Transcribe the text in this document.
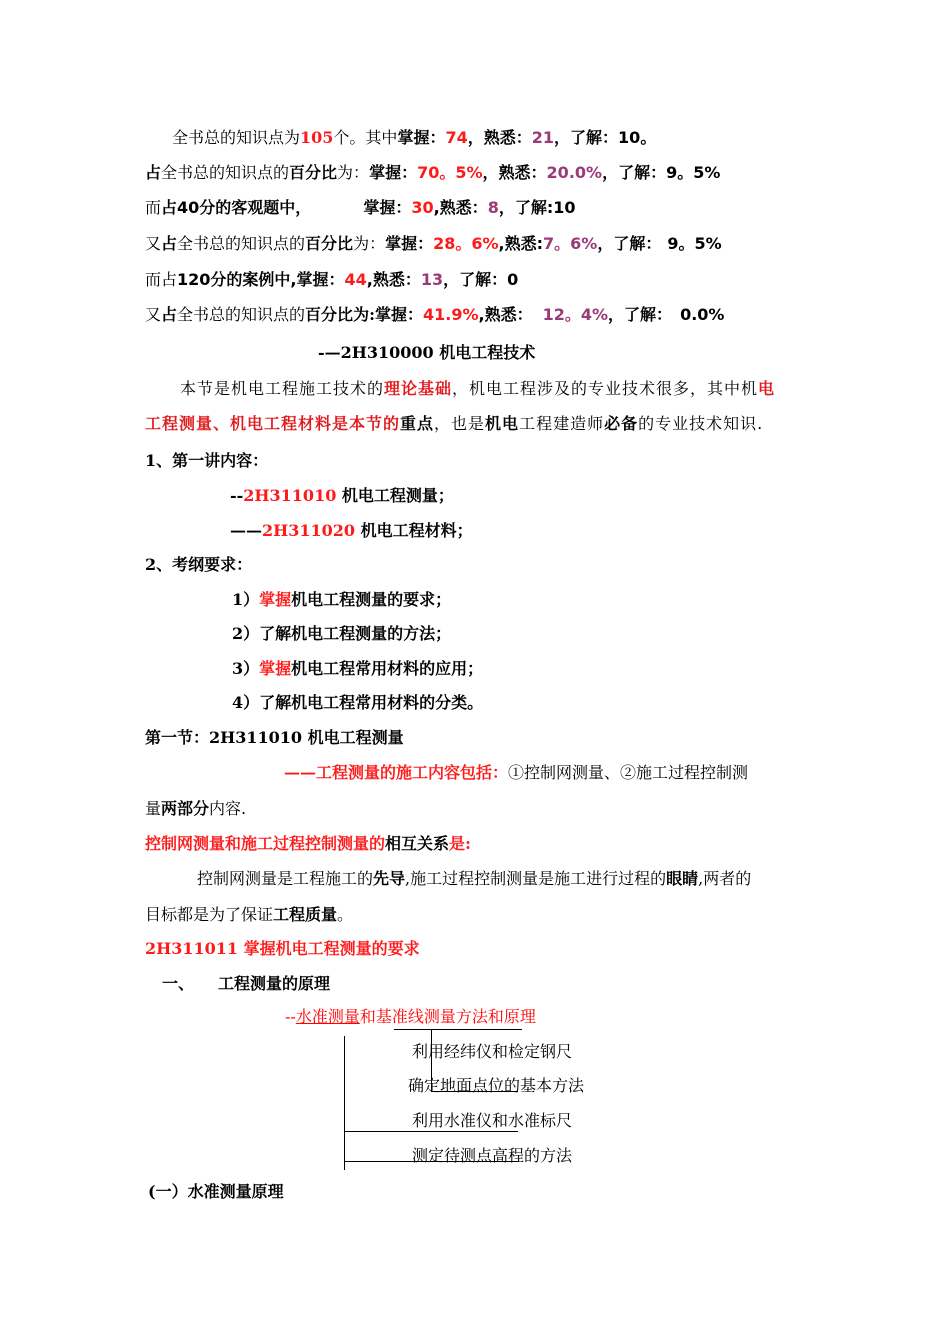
全书总的知识点为105个。其中掌握：74，熟悉：21，了解：10。
占全书总的知识点的百分比为：掌握：70。5%，熟悉：20.0%，了解：9。5%
而占40分的客观题中，	掌握：30,熟悉：8，了解:10
又占全书总的知识点的百分比为：掌握：28。6%,熟悉:7。6%，了解： 9。5%
而占120分的案例中,掌握：44,熟悉：13，了解：0
又占全书总的知识点的百分比为:掌握：41.9%,熟悉： 12。4%，了解： 0.0%
-—2H310000 机电工程技术
本节是机电工程施工技术的理论基础，机电工程涉及的专业技术很多，其中机电
工程测量、机电工程材料是本节的重点，也是机电工程建造师必备的专业技术知识.
1、第一讲内容：
--2H311010 机电工程测量；
——2H311020 机电工程材料；
2、考纲要求：
1）掌握机电工程测量的要求；
2）了解机电工程测量的方法；
3）掌握机电工程常用材料的应用；
4）了解机电工程常用材料的分类。
第一节：2H311010 机电工程测量
——工程测量的施工内容包括：①控制网测量、②施工过程控制测
量两部分内容.
控制网测量和施工过程控制测量的相互关系是:
控制网测量是工程施工的先导,施工过程控制测量是施工进行过程的眼睛,两者的
目标都是为了保证工程质量。
2H311011 掌握机电工程测量的要求
一、 工程测量的原理
--水准测量和基准线测量方法和原理
利用经纬仪和检定钢尺
确定地面点位的基本方法
利用水准仪和水准标尺
测定待测点高程的方法
(一）水准测量原理
